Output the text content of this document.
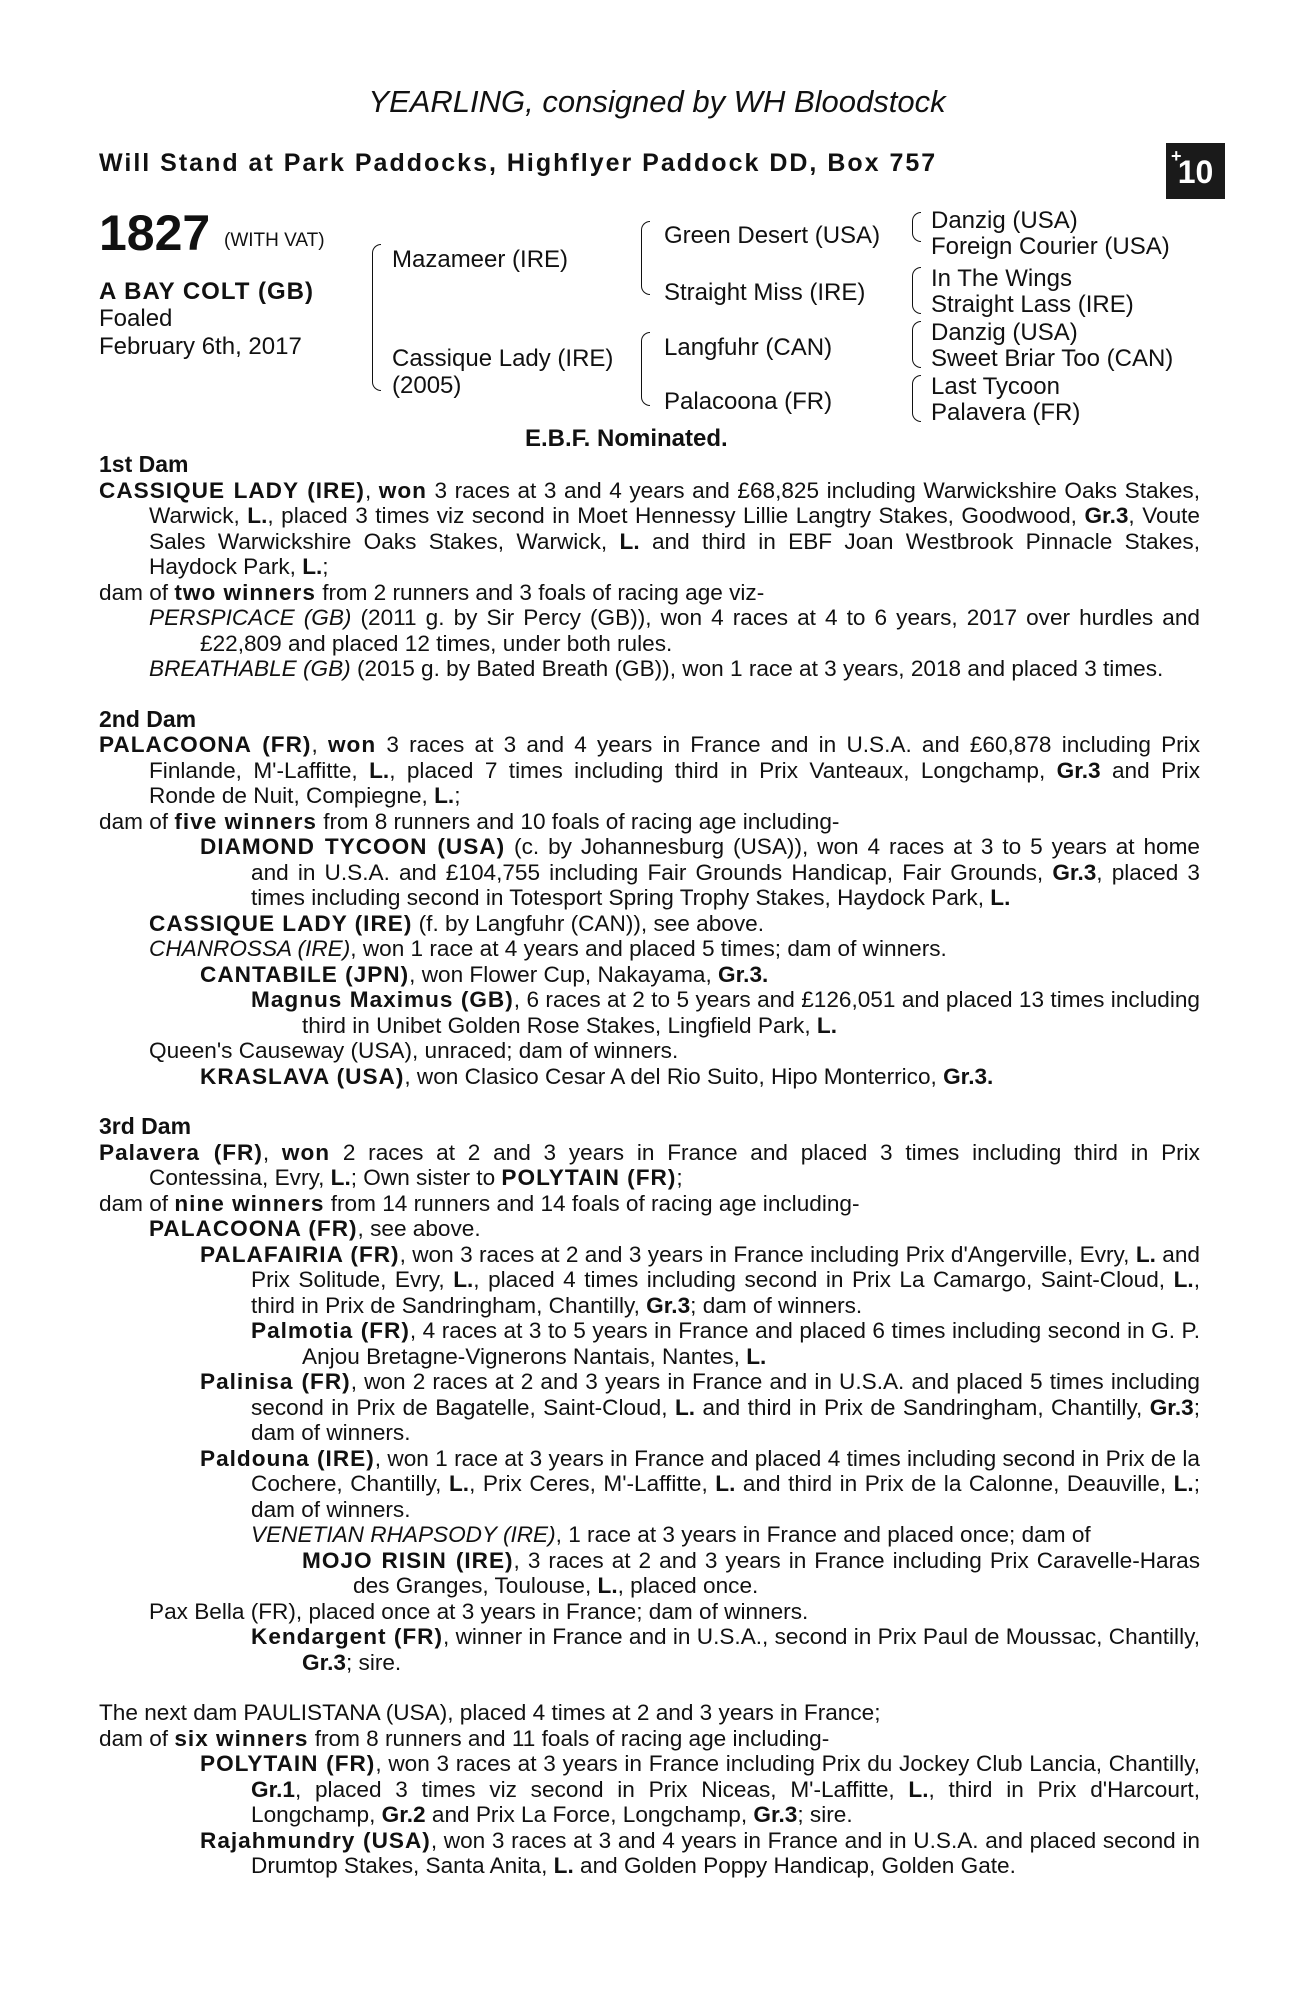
YEARLING, consigned by WH Bloodstock
Will Stand at Park Paddocks, Highflyer Paddock DD, Box 757	+
10
1827 (WITH VAT)
A BAY COLT (GB)
Foaled
February 6th, 2017
Mazameer (IRE)
Cassique Lady (IRE)
(2005)
Green Desert (USA)
Straight Miss (IRE)
Langfuhr (CAN)
Palacoona (FR)
Danzig (USA)
Foreign Courier (USA)
In The Wings
Straight Lass (IRE)
Danzig (USA)
Sweet Briar Too (CAN)
Last Tycoon
Palavera (FR)
E.B.F. Nominated.
1st Dam
CASSIQUE LADY (IRE), won 3 races at 3 and 4 years and £68,825 including Warwickshire Oaks Stakes, Warwick, L., placed 3 times viz second in Moet Hennessy Lillie Langtry Stakes, Goodwood, Gr.3, Voute Sales Warwickshire Oaks Stakes, Warwick, L. and third in EBF Joan Westbrook Pinnacle Stakes, Haydock Park, L.;
dam of two winners from 2 runners and 3 foals of racing age viz-
PERSPICACE (GB) (2011 g. by Sir Percy (GB)), won 4 races at 4 to 6 years, 2017 over hurdles and £22,809 and placed 12 times, under both rules.
BREATHABLE (GB) (2015 g. by Bated Breath (GB)), won 1 race at 3 years, 2018 and placed 3 times.
2nd Dam
PALACOONA (FR), won 3 races at 3 and 4 years in France and in U.S.A. and £60,878 including Prix Finlande, M'-Laffitte, L., placed 7 times including third in Prix Vanteaux, Longchamp, Gr.3 and Prix Ronde de Nuit, Compiegne, L.;
dam of five winners from 8 runners and 10 foals of racing age including-
DIAMOND TYCOON (USA) (c. by Johannesburg (USA)), won 4 races at 3 to 5 years at home and in U.S.A. and £104,755 including Fair Grounds Handicap, Fair Grounds, Gr.3, placed 3 times including second in Totesport Spring Trophy Stakes, Haydock Park, L.
CASSIQUE LADY (IRE) (f. by Langfuhr (CAN)), see above.
CHANROSSA (IRE), won 1 race at 4 years and placed 5 times; dam of winners.
CANTABILE (JPN), won Flower Cup, Nakayama, Gr.3.
Magnus Maximus (GB), 6 races at 2 to 5 years and £126,051 and placed 13 times including third in Unibet Golden Rose Stakes, Lingfield Park, L.
Queen's Causeway (USA), unraced; dam of winners.
KRASLAVA (USA), won Clasico Cesar A del Rio Suito, Hipo Monterrico, Gr.3.
3rd Dam
Palavera (FR), won 2 races at 2 and 3 years in France and placed 3 times including third in Prix Contessina, Evry, L.; Own sister to POLYTAIN (FR);
dam of nine winners from 14 runners and 14 foals of racing age including-
PALACOONA (FR), see above.
PALAFAIRIA (FR), won 3 races at 2 and 3 years in France including Prix d'Angerville, Evry, L. and Prix Solitude, Evry, L., placed 4 times including second in Prix La Camargo, Saint-Cloud, L., third in Prix de Sandringham, Chantilly, Gr.3; dam of winners.
Palmotia (FR), 4 races at 3 to 5 years in France and placed 6 times including second in G. P. Anjou Bretagne-Vignerons Nantais, Nantes, L.
Palinisa (FR), won 2 races at 2 and 3 years in France and in U.S.A. and placed 5 times including second in Prix de Bagatelle, Saint-Cloud, L. and third in Prix de Sandringham, Chantilly, Gr.3; dam of winners.
Paldouna (IRE), won 1 race at 3 years in France and placed 4 times including second in Prix de la Cochere, Chantilly, L., Prix Ceres, M'-Laffitte, L. and third in Prix de la Calonne, Deauville, L.; dam of winners.
VENETIAN RHAPSODY (IRE), 1 race at 3 years in France and placed once; dam of
MOJO RISIN (IRE), 3 races at 2 and 3 years in France including Prix Caravelle-Haras des Granges, Toulouse, L., placed once.
Pax Bella (FR), placed once at 3 years in France; dam of winners.
Kendargent (FR), winner in France and in U.S.A., second in Prix Paul de Moussac, Chantilly, Gr.3; sire.
The next dam PAULISTANA (USA), placed 4 times at 2 and 3 years in France;
dam of six winners from 8 runners and 11 foals of racing age including-
POLYTAIN (FR), won 3 races at 3 years in France including Prix du Jockey Club Lancia, Chantilly, Gr.1, placed 3 times viz second in Prix Niceas, M'-Laffitte, L., third in Prix d'Harcourt, Longchamp, Gr.2 and Prix La Force, Longchamp, Gr.3; sire.
Rajahmundry (USA), won 3 races at 3 and 4 years in France and in U.S.A. and placed second in Drumtop Stakes, Santa Anita, L. and Golden Poppy Handicap, Golden Gate.
